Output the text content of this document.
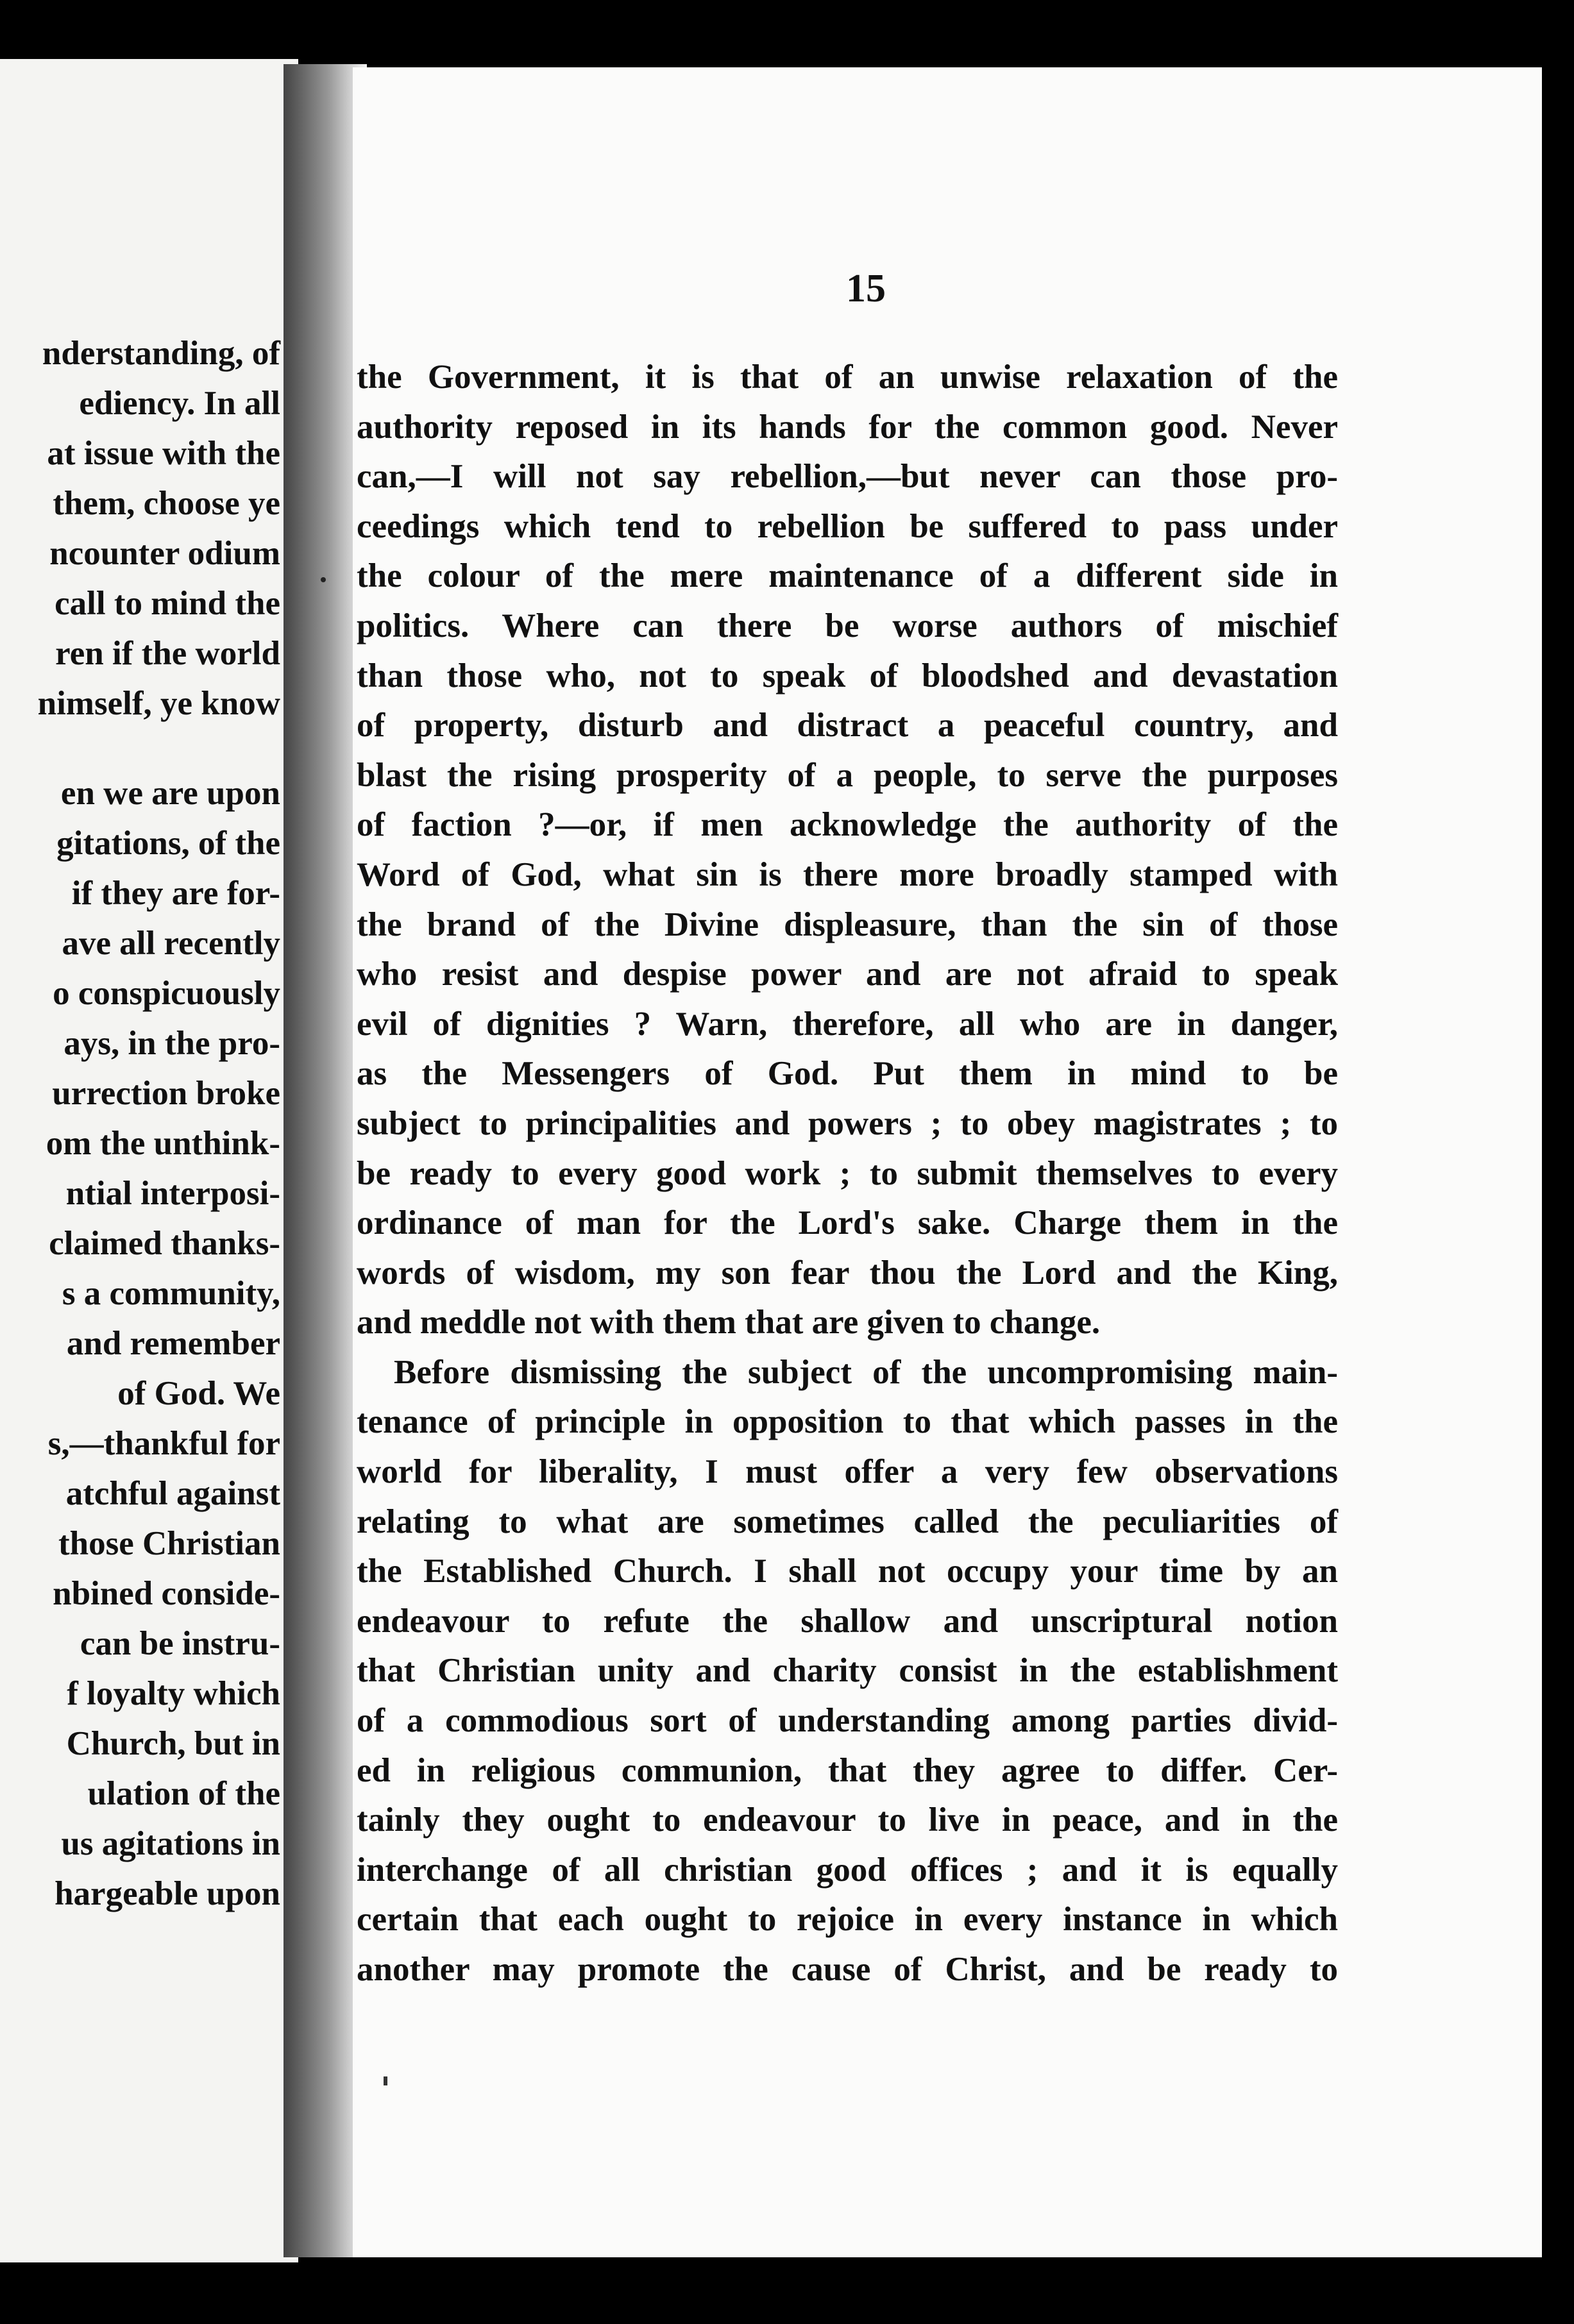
nderstanding, of
ediency. In all
at issue with the
them, choose ye
ncounter odium
call to mind the
ren if the world
nimself, ye know
en we are upon
gitations, of the
if they are for-
ave all recently
o conspicuously
ays, in the pro-
urrection broke
om the unthink-
ntial interposi-
claimed thanks-
s a community,
and remember
of God. We
s,—thankful for
atchful against
those Christian
nbined conside-
can be instru-
f loyalty which
Church, but in
ulation of the
us agitations in
hargeable upon
15
the Government, it is that of an unwise relaxation of the
authority reposed in its hands for the common good. Never
can,—I will not say rebellion,—but never can those pro-
ceedings which tend to rebellion be suffered to pass under
the colour of the mere maintenance of a different side in
politics. Where can there be worse authors of mischief
than those who, not to speak of bloodshed and devastation
of property, disturb and distract a peaceful country, and
blast the rising prosperity of a people, to serve the purposes
of faction ?—or, if men acknowledge the authority of the
Word of God, what sin is there more broadly stamped with
the brand of the Divine displeasure, than the sin of those
who resist and despise power and are not afraid to speak
evil of dignities ? Warn, therefore, all who are in danger,
as the Messengers of God. Put them in mind to be
subject to principalities and powers ; to obey magistrates ; to
be ready to every good work ; to submit themselves to every
ordinance of man for the Lord's sake. Charge them in the
words of wisdom, my son fear thou the Lord and the King,
and meddle not with them that are given to change.
Before dismissing the subject of the uncompromising main-
tenance of principle in opposition to that which passes in the
world for liberality, I must offer a very few observations
relating to what are sometimes called the peculiarities of
the Established Church. I shall not occupy your time by an
endeavour to refute the shallow and unscriptural notion
that Christian unity and charity consist in the establishment
of a commodious sort of understanding among parties divid-
ed in religious communion, that they agree to differ. Cer-
tainly they ought to endeavour to live in peace, and in the
interchange of all christian good offices ; and it is equally
certain that each ought to rejoice in every instance in which
another may promote the cause of Christ, and be ready to
